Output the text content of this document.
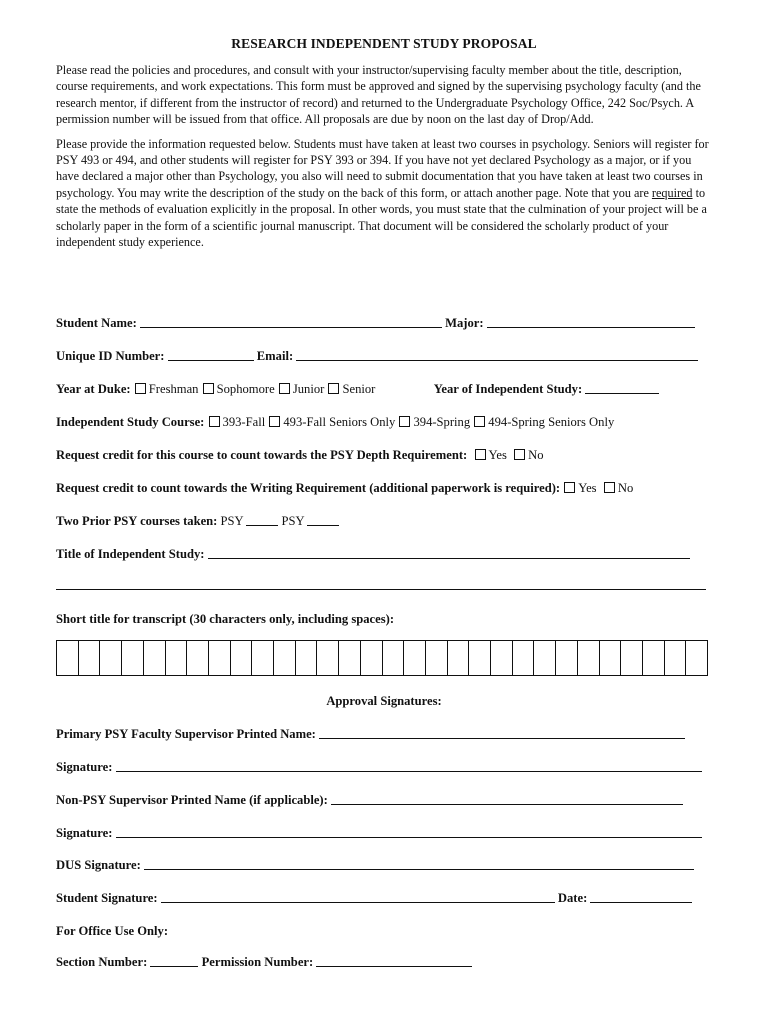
RESEARCH INDEPENDENT STUDY PROPOSAL

Please read the policies and procedures, and consult with your instructor/supervising faculty member about the title, description, course requirements, and work expectations. This form must be approved and signed by the supervising psychology faculty (and the research mentor, if different from the instructor of record) and returned to the Undergraduate Psychology Office, 242 Soc/Psych. A permission number will be issued from that office. All proposals are due by noon on the last day of Drop/Add.

Please provide the information requested below. Students must have taken at least two courses in psychology. Seniors will register for PSY 493 or 494, and other students will register for PSY 393 or 394. If you have not yet declared Psychology as a major, or if you have declared a major other than Psychology, you also will need to submit documentation that you have taken at least two courses in psychology. You may write the description of the study on the back of this form, or attach another page. Note that you are required to state the methods of evaluation explicitly in the proposal. In other words, you must state that the culmination of your project will be a scholarly paper in the form of a scientific journal manuscript. That document will be considered the scholarly product of your independent study experience.

Student Name:	Major:
Unique ID Number:	Email:
Year at Duke: Freshman Sophomore Junior Senior	Year of Independent Study:
Independent Study Course: 393-Fall 493-Fall Seniors Only 394-Spring 494-Spring Seniors Only
Request credit for this course to count towards the PSY Depth Requirement: Yes No
Request credit to count towards the Writing Requirement (additional paperwork is required): Yes No
Two Prior PSY courses taken: PSY	PSY
Title of Independent Study:
Short title for transcript (30 characters only, including spaces):
Approval Signatures:
Primary PSY Faculty Supervisor Printed Name:
Signature:
Non-PSY Supervisor Printed Name (if applicable):
Signature:
DUS Signature:
Student Signature:	Date:
For Office Use Only:
Section Number:	Permission Number:
